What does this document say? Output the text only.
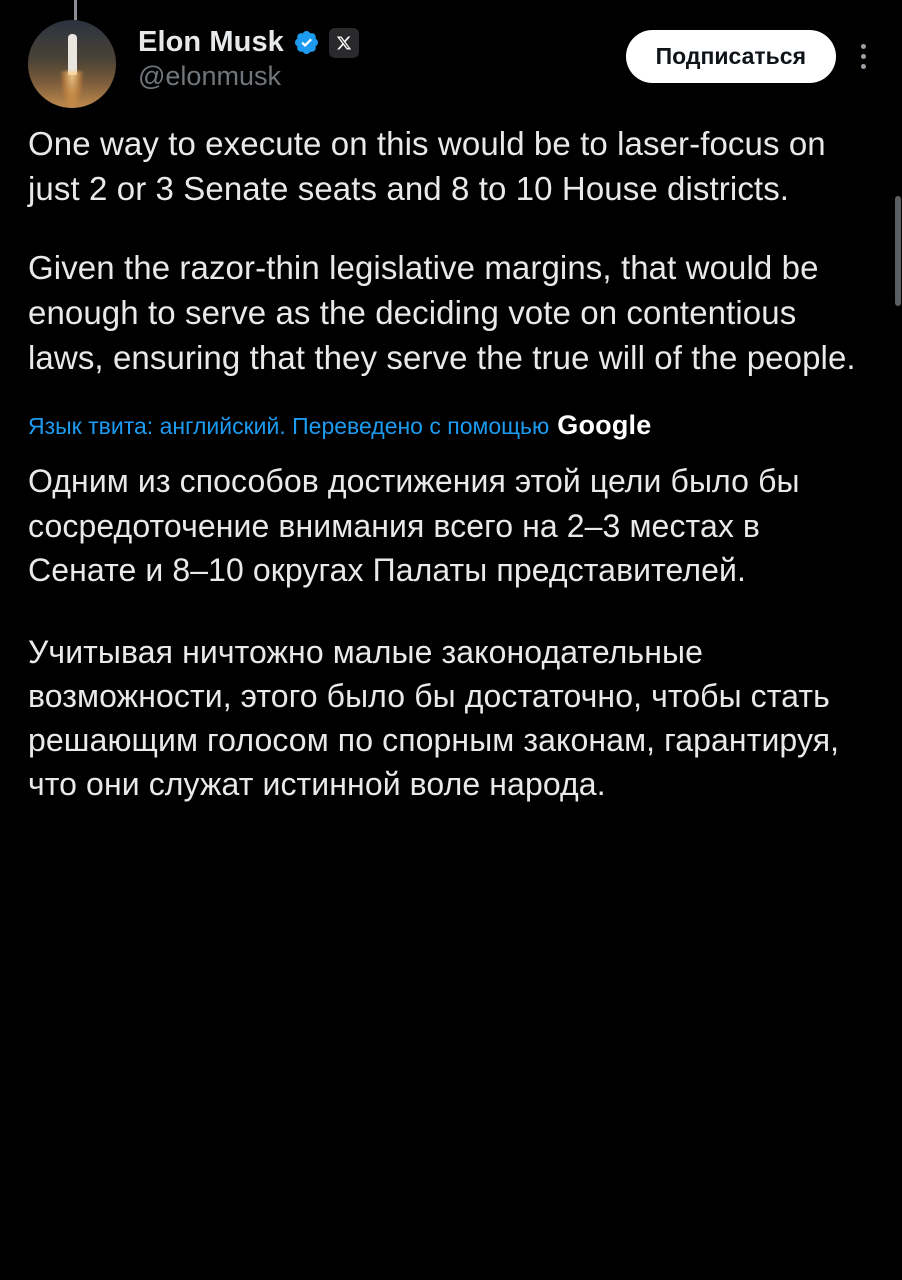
Elon Musk
@elonmusk
Подписаться

One way to execute on this would be to laser-focus on just 2 or 3 Senate seats and 8 to 10 House districts.

Given the razor-thin legislative margins, that would be enough to serve as the deciding vote on contentious laws, ensuring that they serve the true will of the people.

Язык твита: английский. Переведено с помощью Google

Одним из способов достижения этой цели было бы сосредоточение внимания всего на 2–3 местах в Сенате и 8–10 округах Палаты представителей.

Учитывая ничтожно малые законодательные возможности, этого было бы достаточно, чтобы стать решающим голосом по спорным законам, гарантируя, что они служат истинной воле народа.
